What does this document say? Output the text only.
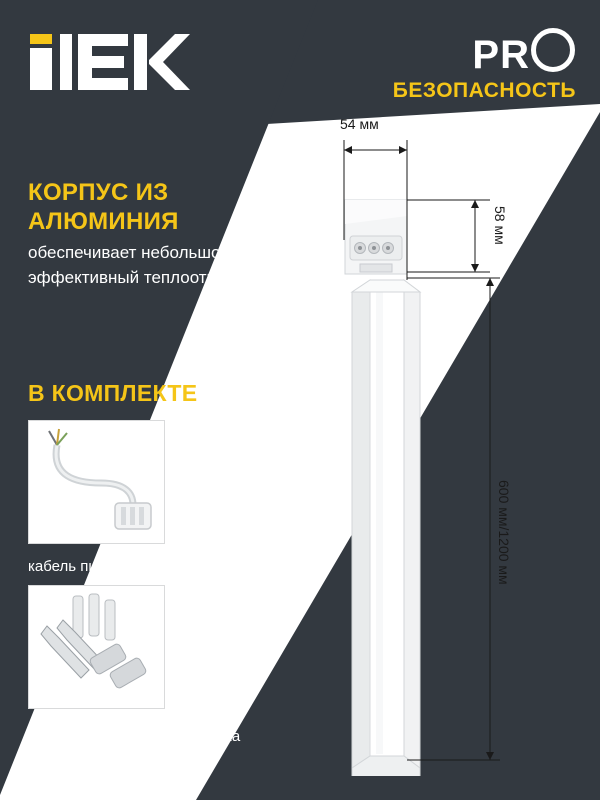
PR
БЕЗОПАСНОСТЬ
КОРПУС ИЗ АЛЮМИНИЯ
обеспечивает небольшой вес и эффективный теплоотвод
В КОМПЛЕКТЕ
кабель питания 0,3 м
комплект накладного монтажа
54 мм
58 мм
600 мм/1200 мм
